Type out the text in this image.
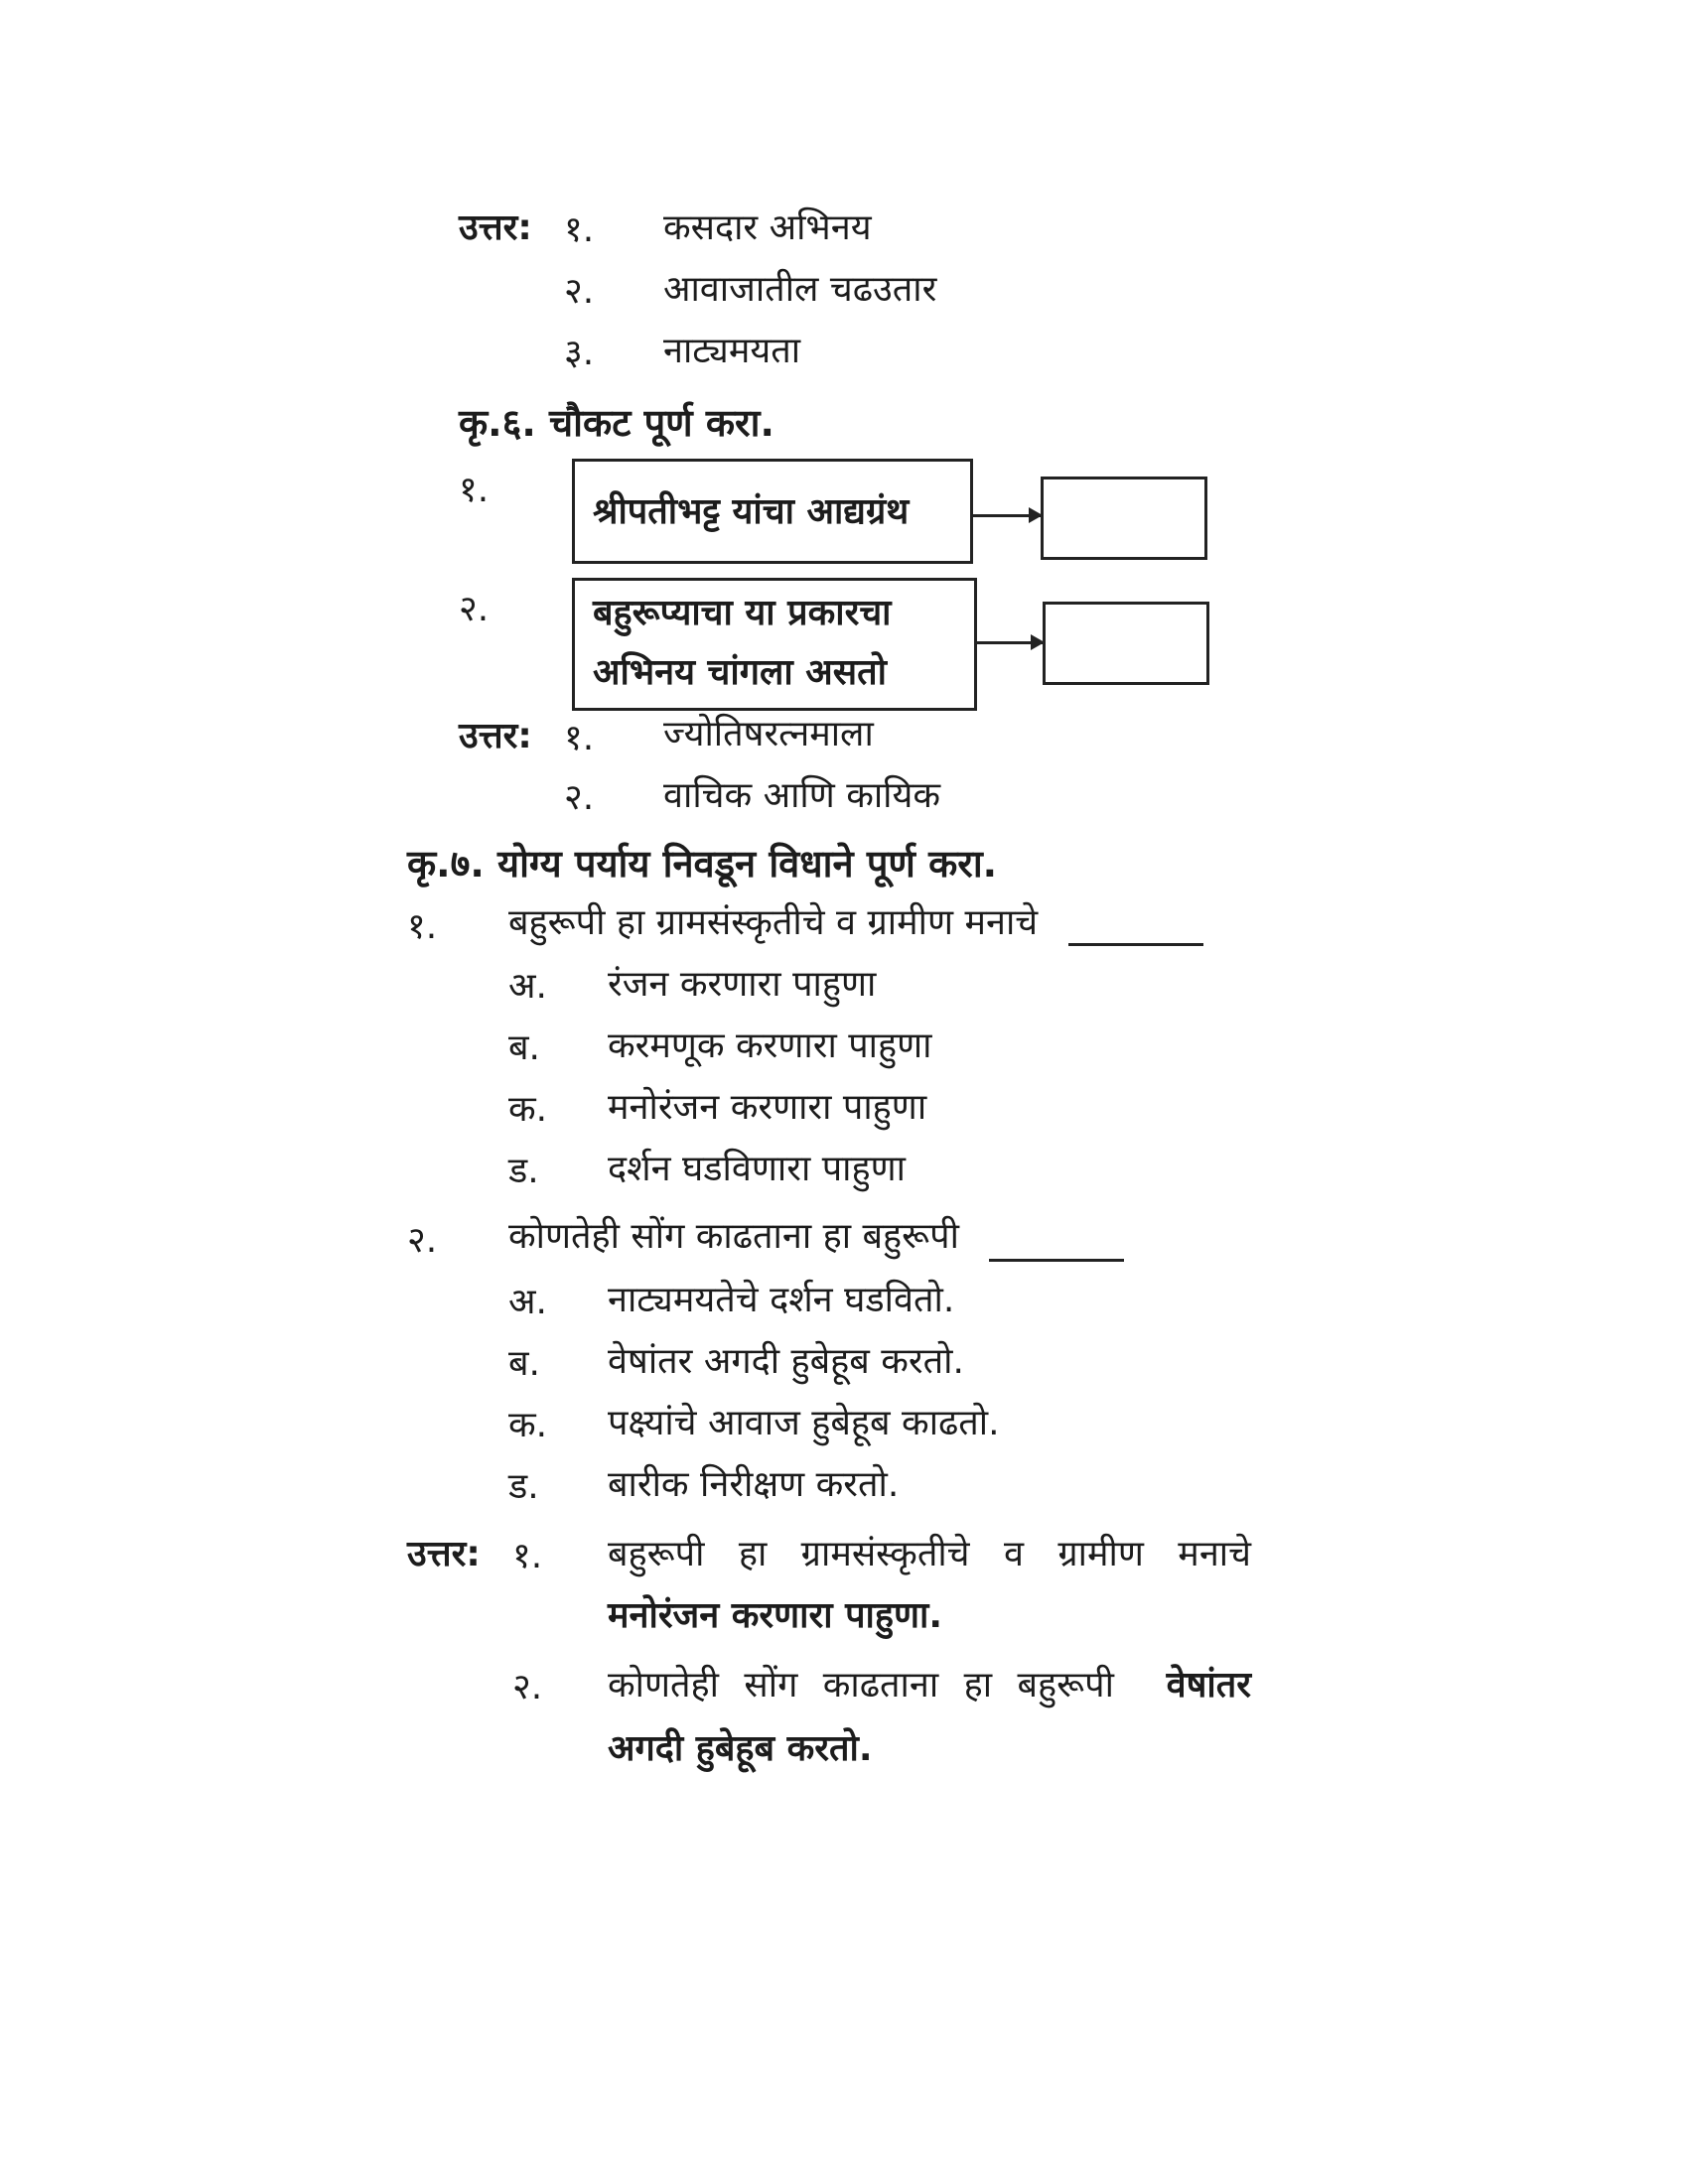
उत्तर: १. कसदार अभिनय
२. आवाजातील चढउतार
३. नाट्यमयता
कृ.६. चौकट पूर्ण करा.
१.
श्रीपतीभट्ट यांचा आद्यग्रंथ
२.	बहुरूप्याचा या प्रकारचा
अभिनय चांगला असतो
उत्तर: १. ज्योतिषरत्नमाला
२. वाचिक आणि कायिक
कृ.७. योग्य पर्याय निवडून विधाने पूर्ण करा.
१. बहुरूपी हा ग्रामसंस्कृतीचे व ग्रामीण मनाचे
अ. रंजन करणारा पाहुणा
ब. करमणूक करणारा पाहुणा
क. मनोरंजन करणारा पाहुणा
ड. दर्शन घडविणारा पाहुणा
२. कोणतेही सोंग काढताना हा बहुरूपी
अ. नाट्यमयतेचे दर्शन घडवितो.
ब. वेषांतर अगदी हुबेहूब करतो.
क. पक्ष्यांचे आवाज हुबेहूब काढतो.
ड. बारीक निरीक्षण करतो.
उत्तर: १. बहुरूपी हा ग्रामसंस्कृतीचे व ग्रामीण मनाचे
मनोरंजन करणारा पाहुणा.
२. कोणतेही सोंग काढताना हा बहुरूपी वेषांतर
अगदी हुबेहूब करतो.
